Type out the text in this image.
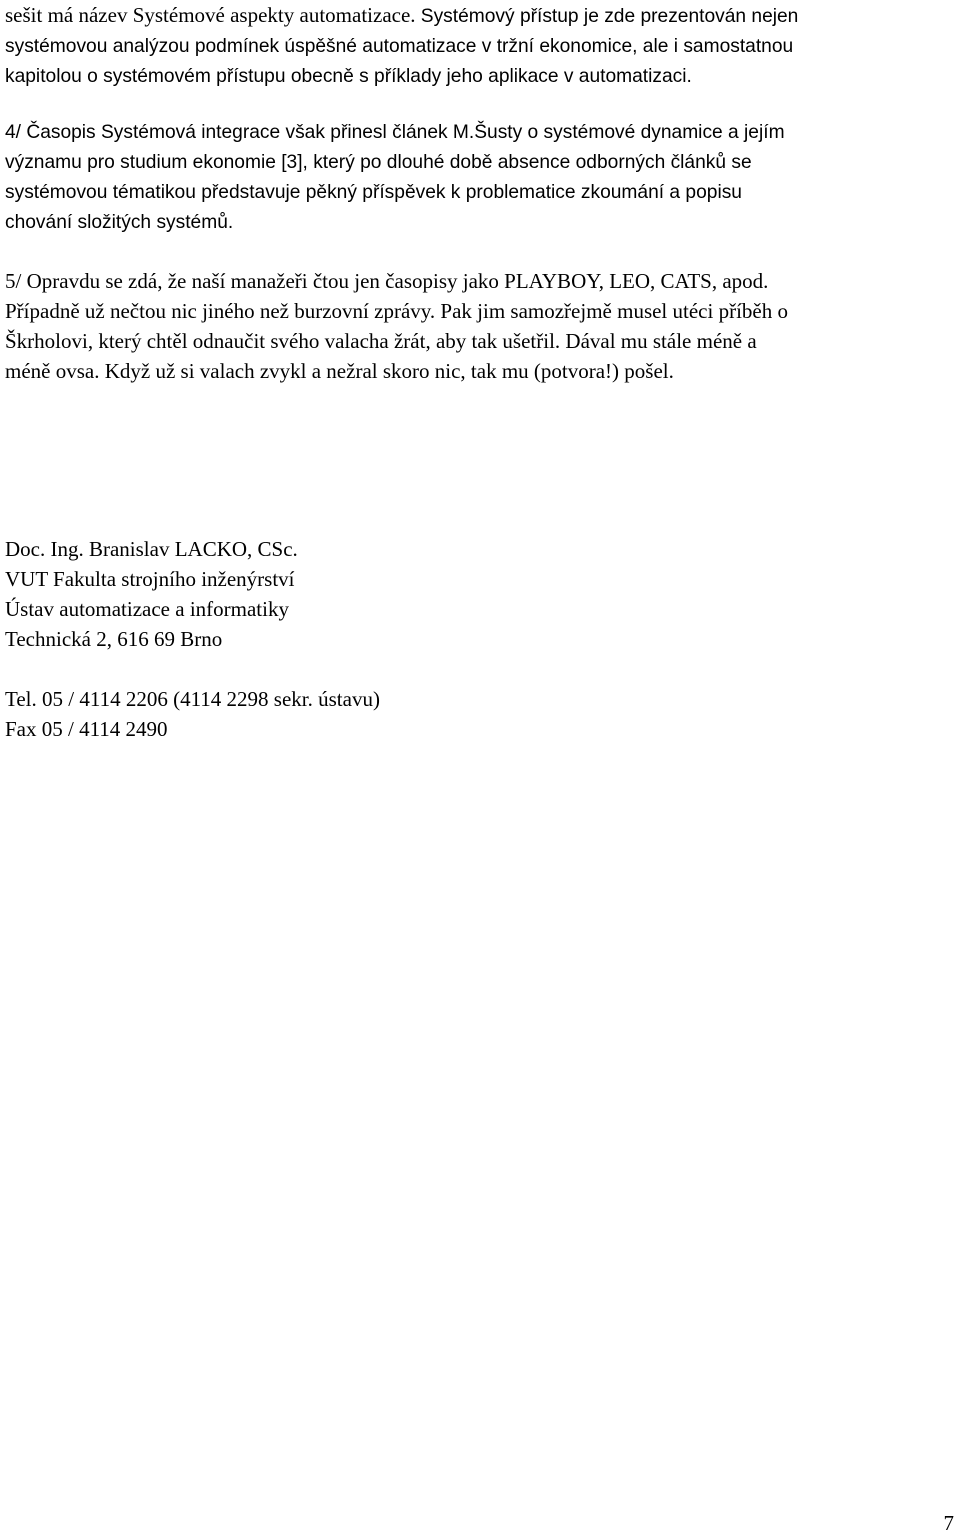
sešit má název Systémové aspekty automatizace. Systémový přístup je zde prezentován nejen
systémovou analýzou podmínek úspěšné automatizace v tržní ekonomice, ale i samostatnou
kapitolou o systémovém přístupu obecně s příklady jeho aplikace v automatizaci.
4/ Časopis Systémová integrace však přinesl článek M.Šusty o systémové dynamice a jejím
významu pro studium ekonomie [3], který po dlouhé době absence odborných článků se
systémovou tématikou představuje pěkný příspěvek k problematice zkoumání a popisu
chování složitých systémů.
5/ Opravdu se zdá, že naší manažeři čtou jen časopisy jako PLAYBOY, LEO, CATS, apod.
Případně už nečtou nic jiného než burzovní zprávy. Pak jim samozřejmě musel utéci příběh o
Škrholovi, který chtěl odnaučit svého valacha žrát, aby tak ušetřil. Dával mu stále méně a
méně ovsa. Když už si valach zvykl a nežral skoro nic, tak mu (potvora!) pošel.
Doc. Ing. Branislav LACKO, CSc.
VUT Fakulta strojního inženýrství
Ústav automatizace a informatiky
Technická 2, 616 69 Brno
Tel. 05 / 4114 2206 (4114 2298 sekr. ústavu)
Fax 05 / 4114 2490
7
